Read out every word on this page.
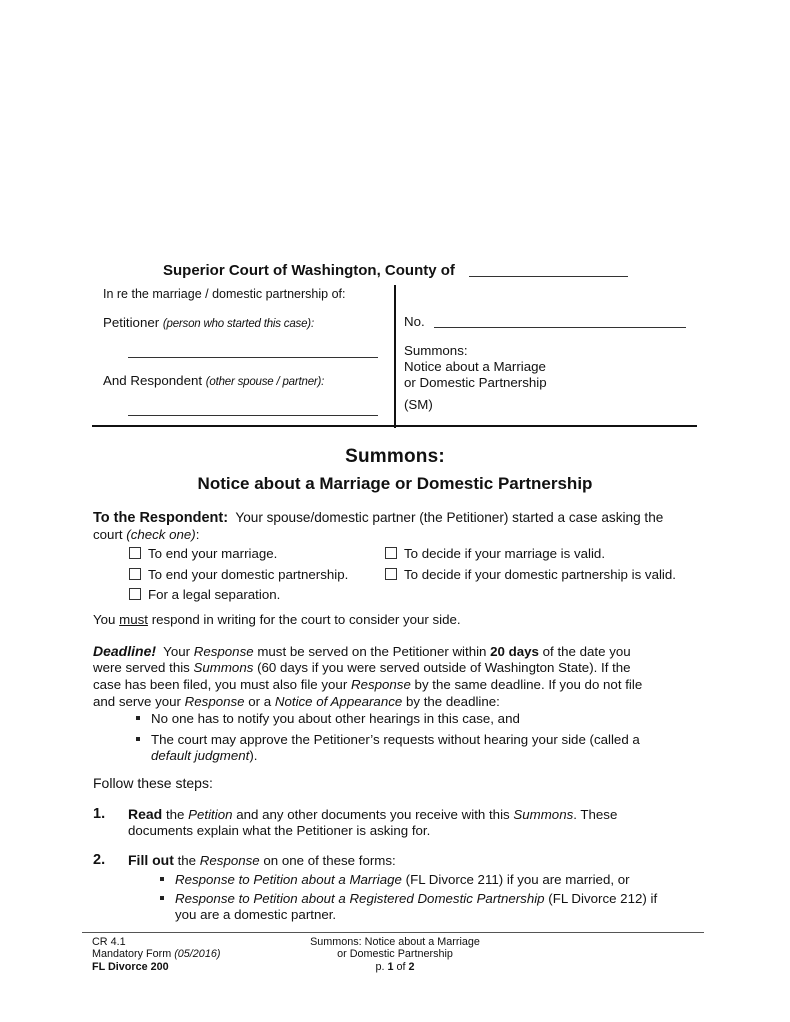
Superior Court of Washington, County of
In re the marriage / domestic partnership of:
Petitioner (person who started this case):
And Respondent (other spouse / partner):
No.
Summons:
Notice about a Marriage
or Domestic Partnership
(SM)
Summons:
Notice about a Marriage or Domestic Partnership
To the Respondent: Your spouse/domestic partner (the Petitioner) started a case asking the
court (check one):
To end your marriage.
To end your domestic partnership.
For a legal separation.
To decide if your marriage is valid.
To decide if your domestic partnership is valid.
You must respond in writing for the court to consider your side.
Deadline! Your Response must be served on the Petitioner within 20 days of the date you
were served this Summons (60 days if you were served outside of Washington State). If the
case has been filed, you must also file your Response by the same deadline. If you do not file
and serve your Response or a Notice of Appearance by the deadline:
No one has to notify you about other hearings in this case, and
The court may approve the Petitioner’s requests without hearing your side (called a
default judgment).
Follow these steps:
1. Read the Petition and any other documents you receive with this Summons. These
documents explain what the Petitioner is asking for.
2. Fill out the Response on one of these forms:
Response to Petition about a Marriage (FL Divorce 211) if you are married, or
Response to Petition about a Registered Domestic Partnership (FL Divorce 212) if
you are a domestic partner.
CR 4.1
Mandatory Form (05/2016)
FL Divorce 200
Summons: Notice about a Marriage
or Domestic Partnership
p. 1 of 2
